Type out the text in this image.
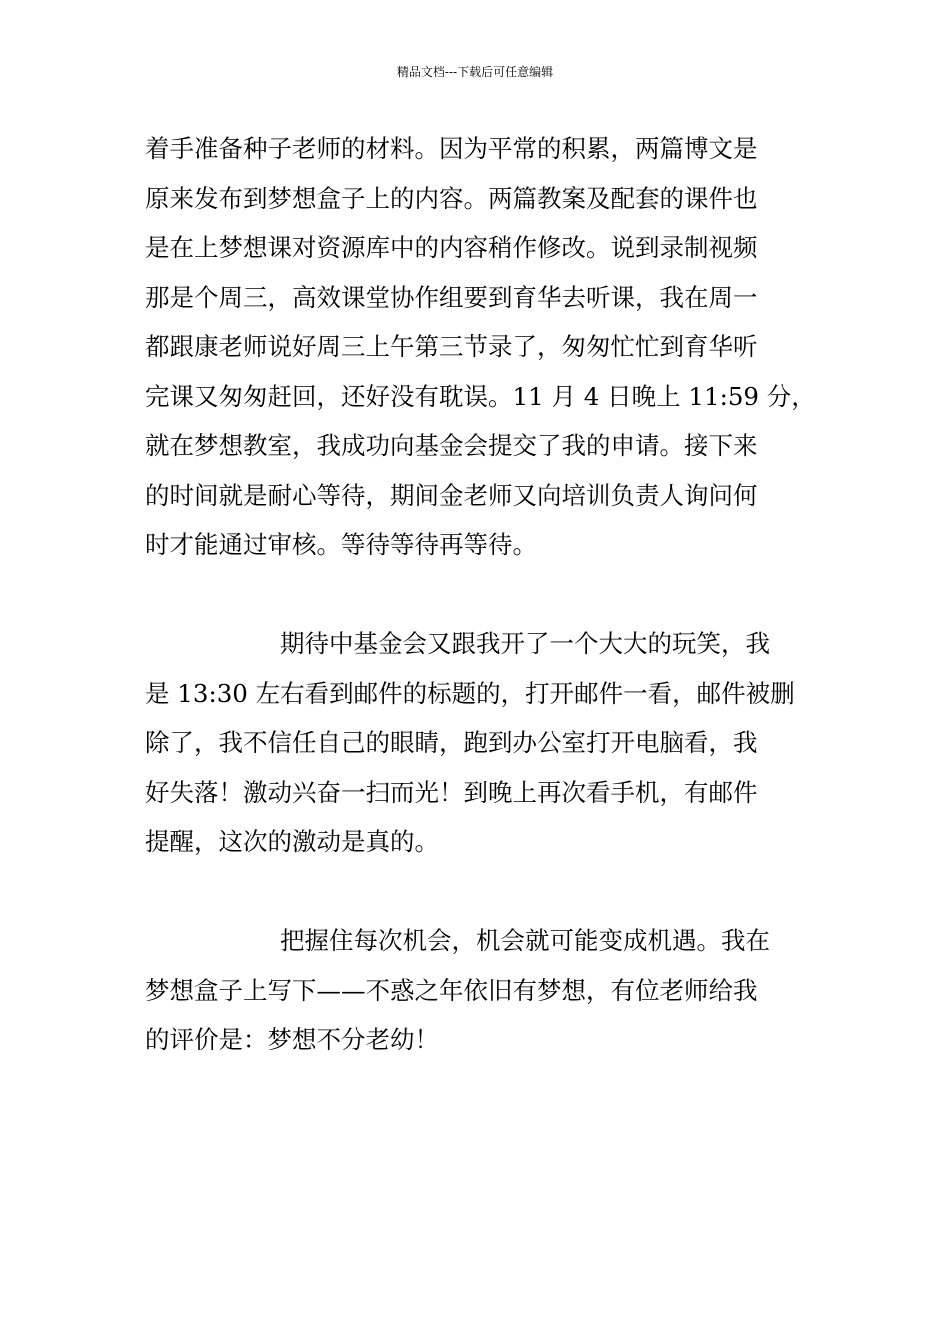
精品文档---下载后可任意编辑
着手准备种子老师的材料。因为平常的积累，两篇博文是
原来发布到梦想盒子上的内容。两篇教案及配套的课件也
是在上梦想课对资源库中的内容稍作修改。说到录制视频
那是个周三，高效课堂协作组要到育华去听课，我在周一
都跟康老师说好周三上午第三节录了，匆匆忙忙到育华听
完课又匆匆赶回，还好没有耽误。11 月 4 日晚上 11:59 分，
就在梦想教室，我成功向基金会提交了我的申请。接下来
的时间就是耐心等待，期间金老师又向培训负责人询问何
时才能通过审核。等待等待再等待。
期待中基金会又跟我开了一个大大的玩笑，我
是 13:30 左右看到邮件的标题的，打开邮件一看，邮件被删
除了，我不信任自己的眼睛，跑到办公室打开电脑看，我
好失落！激动兴奋一扫而光！到晚上再次看手机，有邮件
提醒，这次的激动是真的。
把握住每次机会，机会就可能变成机遇。我在
梦想盒子上写下——不惑之年依旧有梦想，有位老师给我
的评价是：梦想不分老幼！
